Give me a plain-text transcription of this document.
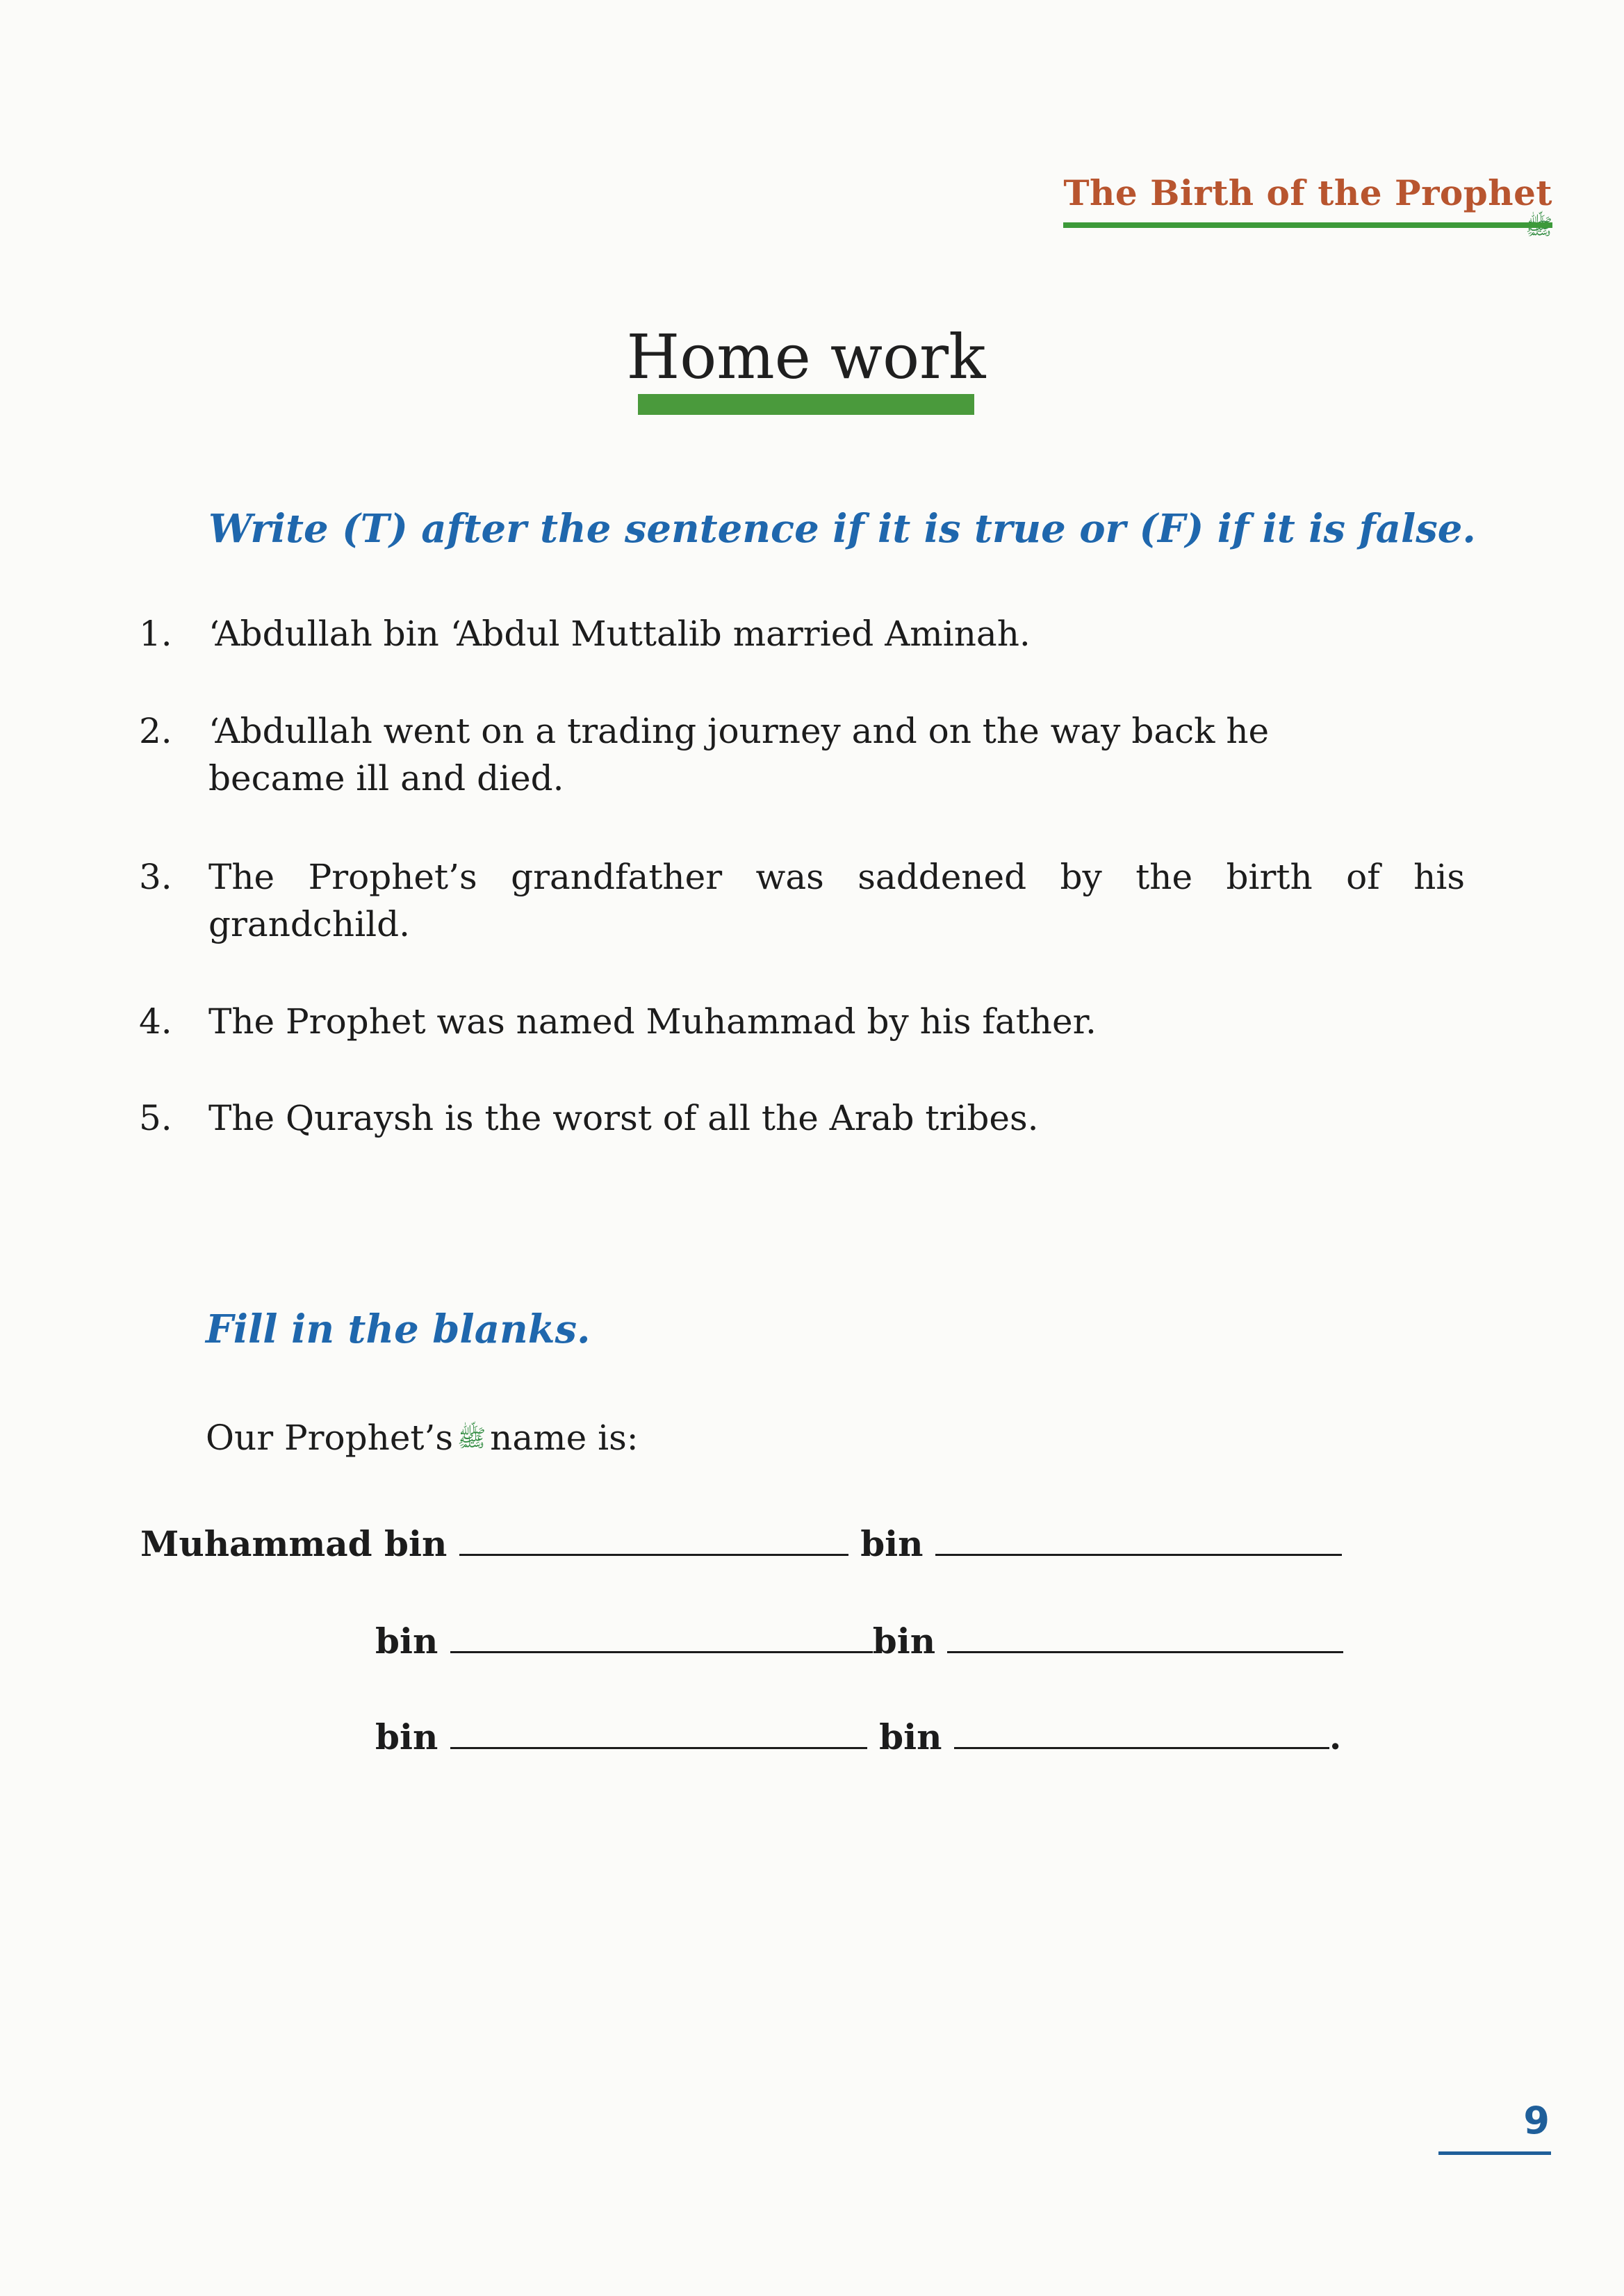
The Birth of the Prophet
Home work
Write (T) after the sentence if it is true or (F) if it is false.
1.	‘Abdullah bin ‘Abdul Muttalib married Aminah.
2.	‘Abdullah went on a trading journey and on the way back he became ill and died.
3.	The Prophet’s grandfather was saddened by the birth of his grandchild.
4.	The Prophet was named Muhammad by his father.
5.	The Quraysh is the worst of all the Arab tribes.
Fill in the blanks.
Our Prophet’s ﷺ name is:
Muhammad bin	bin
bin	bin
bin	bin	.
9
